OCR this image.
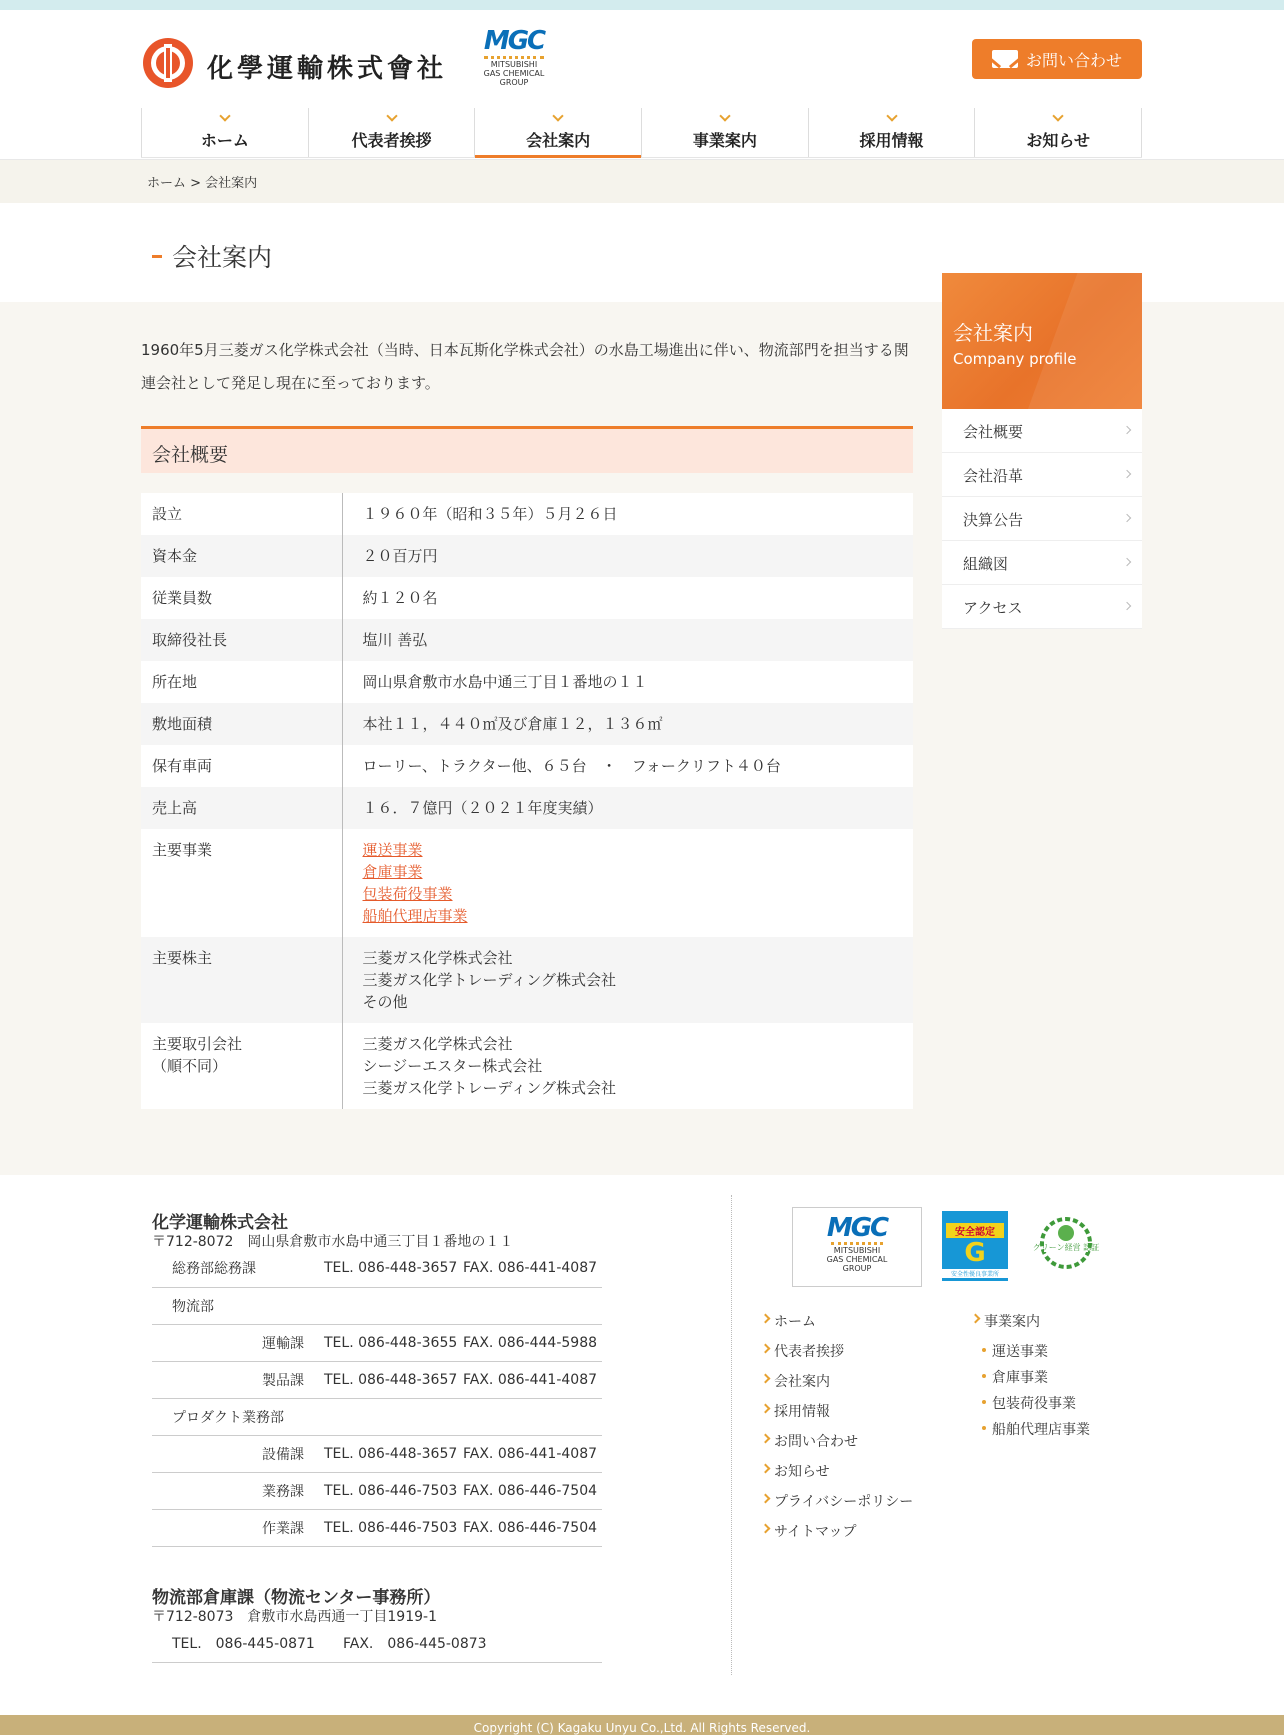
化學運輸株式會社
MGC
MITSUBISHI
GAS CHEMICAL
GROUP
お問い合わせ
ホーム	代表者挨拶	会社案内	事業案内	採用情報	お知らせ
ホーム > 会社案内
会社案内

1960年5月三菱ガス化学株式会社（当時、日本瓦斯化学株式会社）の水島工場進出に伴い、物流部門を担当する関連会社として発足し現在に至っております。

会社概要
設立	１９６０年（昭和３５年）５月２６日

資本金	２０百万円

従業員数	約１２０名

取締役社長	塩川 善弘

所在地	岡山県倉敷市水島中通三丁目１番地の１１

敷地面積	本社１１，４４０㎡及び倉庫１２，１３６㎡

保有車両	ローリー、トラクター他、６５台　・　フォークリフト４０台

売上高	１６．７億円（２０２１年度実績）

主要事業	運送事業
倉庫事業
包装荷役事業
船舶代理店事業

主要株主	三菱ガス化学株式会社
三菱ガス化学トレーディング株式会社
その他

主要取引会社
（順不同）	三菱ガス化学株式会社
シージーエスター株式会社
三菱ガス化学トレーディング株式会社
会社案内
Company profile
会社概要
会社沿革
決算公告
組織図
アクセス
化学運輸株式会社
〒712-8072　岡山県倉敷市水島中通三丁目１番地の１１
総務部総務課	TEL. 086-448-3657	FAX. 086-441-4087
物流部		
運輸課	TEL. 086-448-3655	FAX. 086-444-5988
製品課	TEL. 086-448-3657	FAX. 086-441-4087
プロダクト業務部		
設備課	TEL. 086-448-3657	FAX. 086-441-4087
業務課	TEL. 086-446-7503	FAX. 086-446-7504
作業課	TEL. 086-446-7503	FAX. 086-446-7504
物流部倉庫課（物流センター事務所）
〒712-8073　倉敷市水島西通一丁目1919-1
TEL.　086-445-0871	FAX.　086-445-0873
MGC
MITSUBISHI
GAS CHEMICAL
GROUP
安全認定
G
安全性優良事業所
グリーン経営 認証
ホーム
代表者挨拶
会社案内
採用情報
お問い合わせ
お知らせ
プライバシーポリシー
サイトマップ
事業案内
運送事業
倉庫事業
包装荷役事業
船舶代理店事業
Copyright (C) Kagaku Unyu Co.,Ltd. All Rights Reserved.
